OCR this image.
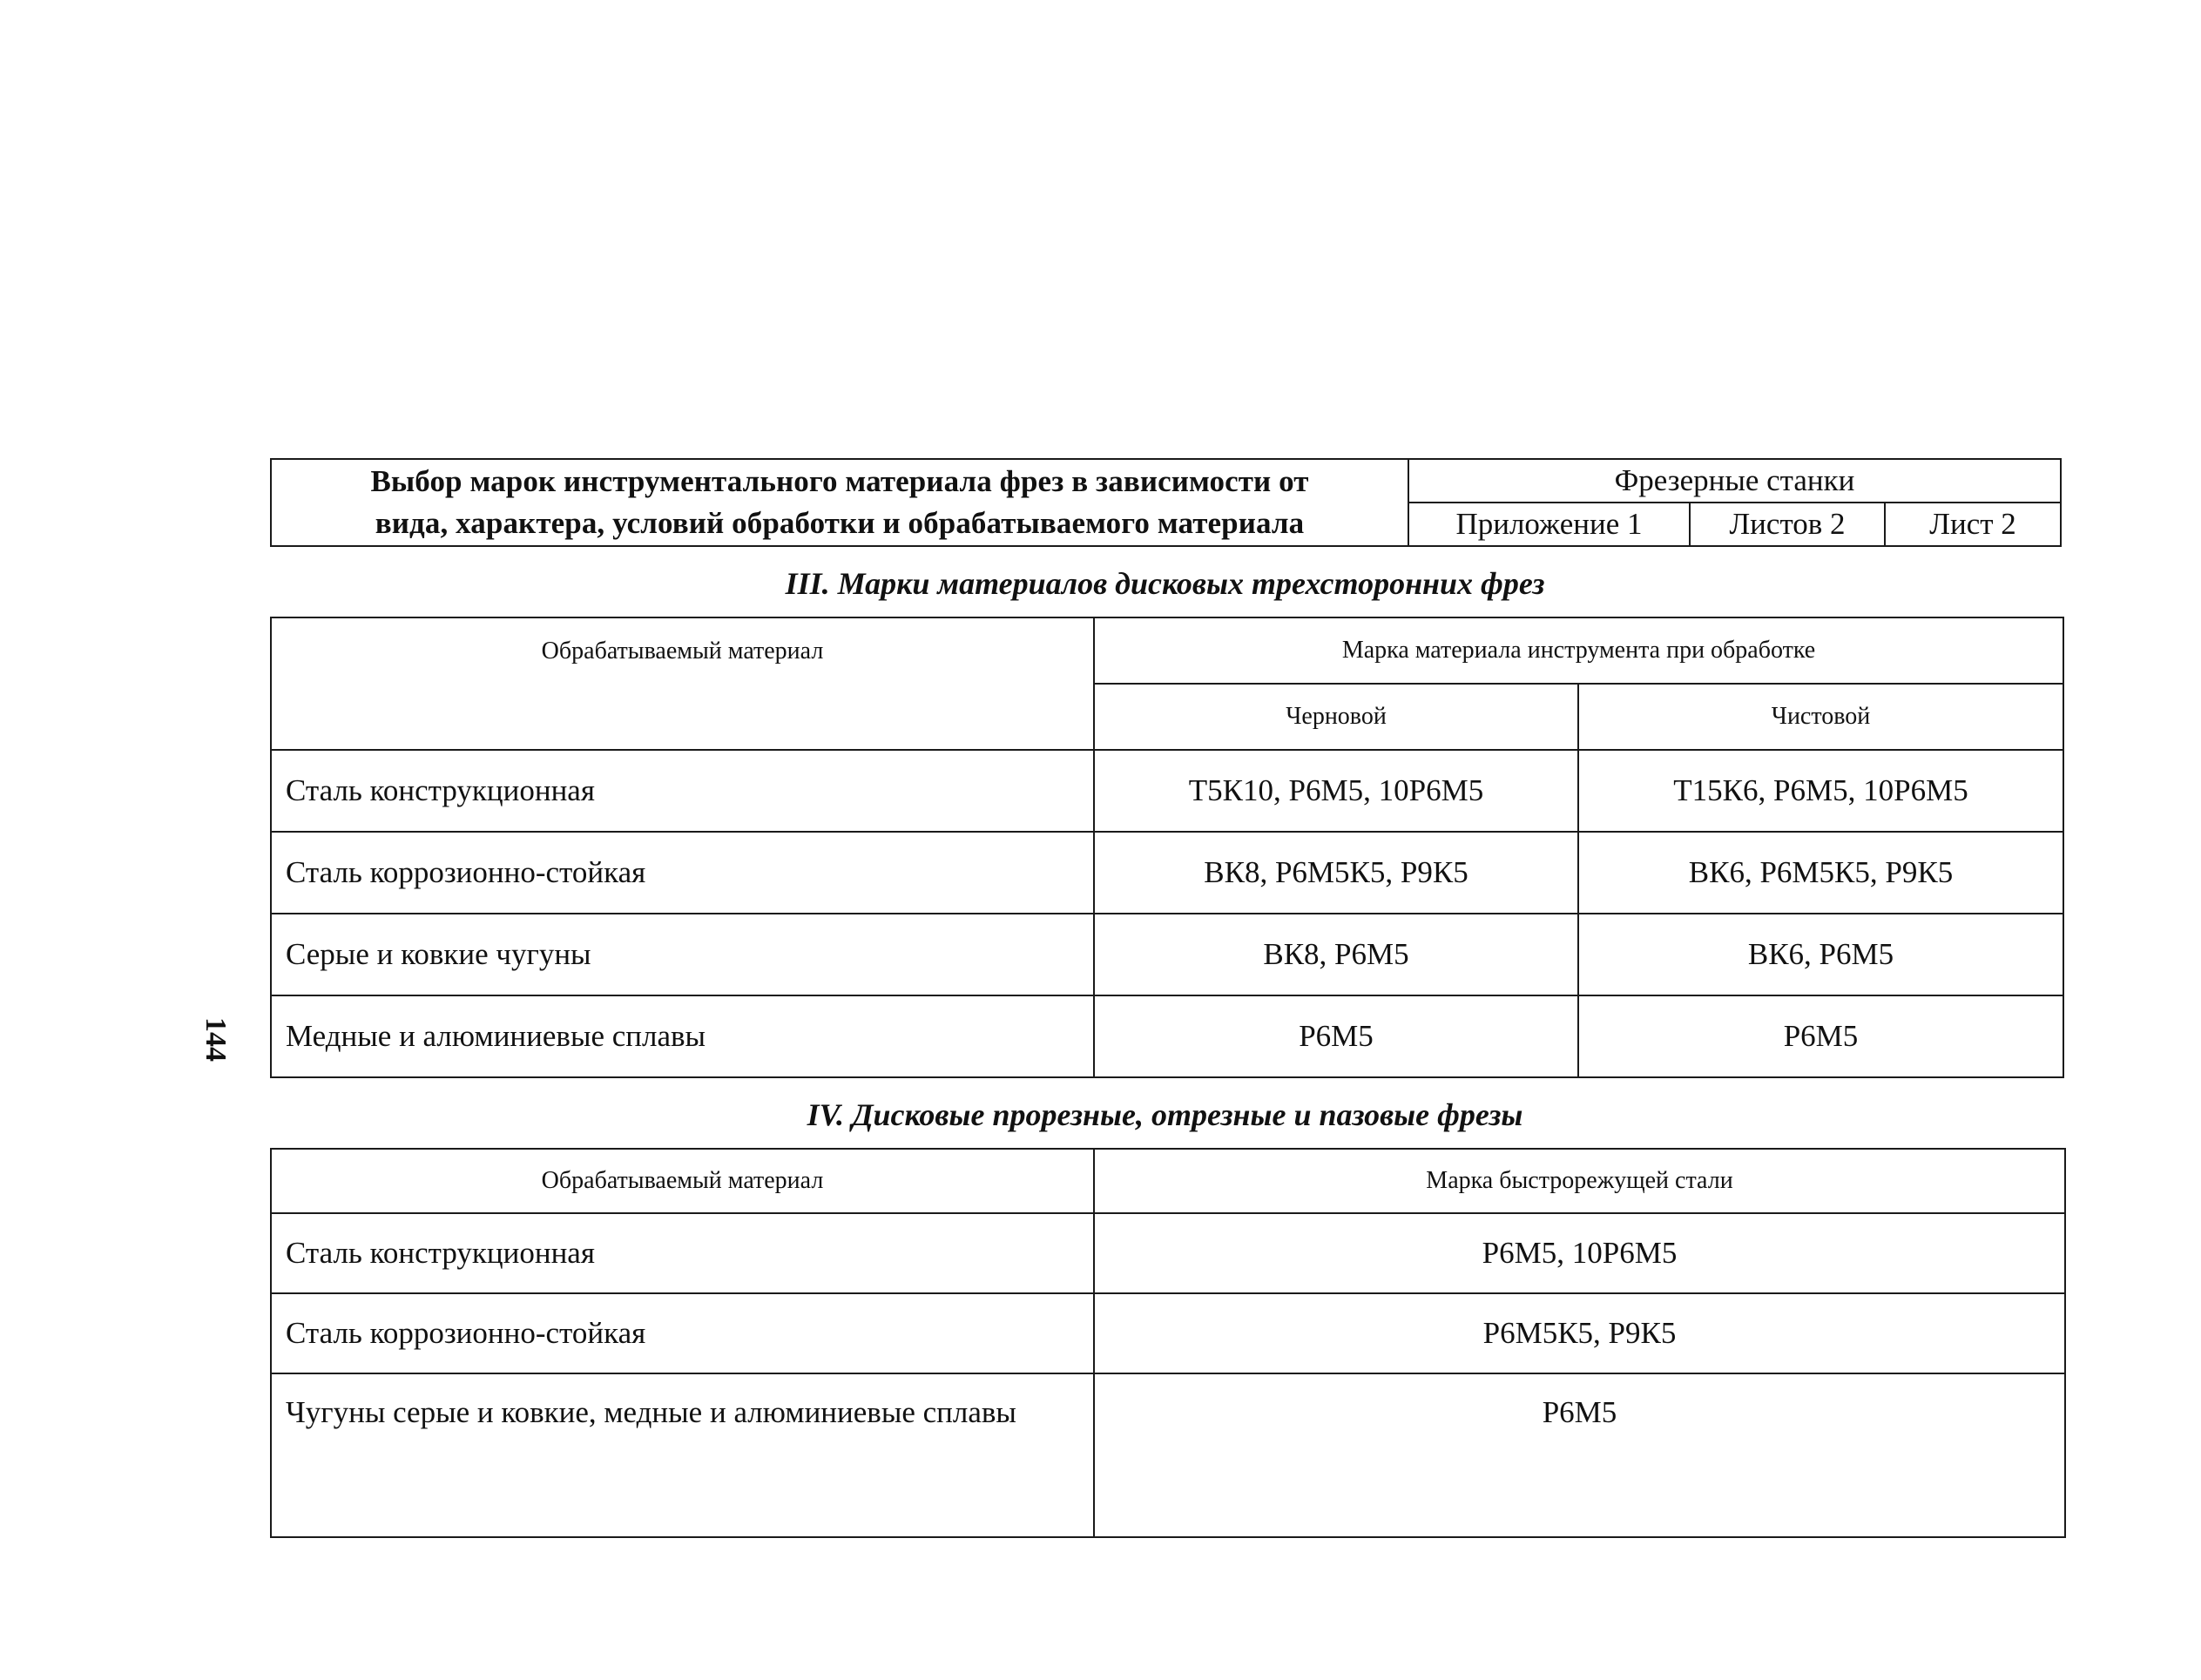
144
Выбор марок инструментального материала фрез в зависимости от
вида, характера, условий обработки и обрабатываемого материала	Фрезерные станки		
	Приложение 1	Листов 2	Лист 2
III. Марки материалов дисковых трехсторонних фрез
Обрабатываемый материал	Марка материала инструмента при обработке	
	Черновой	Чистовой
Сталь конструкционная	Т5К10, Р6М5, 10Р6М5	Т15К6, Р6М5, 10Р6М5
Сталь коррозионно-стойкая	ВК8, Р6М5К5, Р9К5	ВК6, Р6М5К5, Р9К5
Серые и ковкие чугуны	ВК8, Р6М5	ВК6, Р6М5
Медные и алюминиевые сплавы	Р6М5	Р6М5
IV. Дисковые прорезные, отрезные и пазовые фрезы
Обрабатываемый материал	Марка быстрорежущей стали
Сталь конструкционная	Р6М5, 10Р6М5
Сталь коррозионно-стойкая	Р6М5К5, Р9К5
Чугуны серые и ковкие, медные и алюминиевые сплавы	Р6М5
